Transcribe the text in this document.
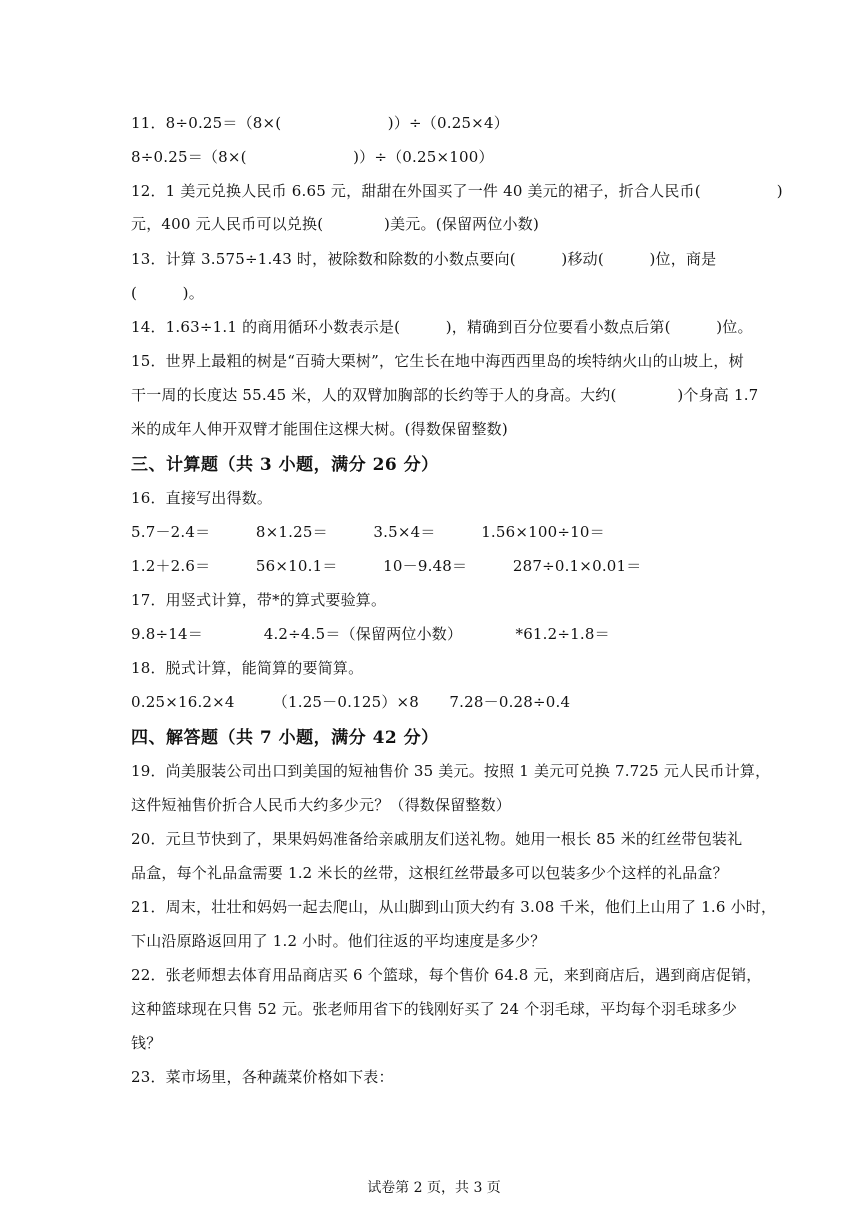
11．8÷0.25＝（8×(　　　　　　　)）÷（0.25×4）
8÷0.25＝（8×(　　　　　　　)）÷（0.25×100）
12．1 美元兑换人民币 6.65 元，甜甜在外国买了一件 40 美元的裙子，折合人民币(　　　　　)
元，400 元人民币可以兑换(　　　　)美元。(保留两位小数)
13．计算 3.575÷1.43 时，被除数和除数的小数点要向(　　　)移动(　　　)位，商是
(　　　)。
14．1.63÷1.1 的商用循环小数表示是(　　　)，精确到百分位要看小数点后第(　　　)位。
15．世界上最粗的树是“百骑大栗树”，它生长在地中海西西里岛的埃特纳火山的山坡上，树
干一周的长度达 55.45 米，人的双臂加胸部的长约等于人的身高。大约(　　　　)个身高 1.7
米的成年人伸开双臂才能围住这棵大树。(得数保留整数)
三、计算题（共 3 小题，满分 26 分）
16．直接写出得数。
5.7－2.4＝　　　8×1.25＝　　　3.5×4＝　　　1.56×100÷10＝
1.2＋2.6＝　　　56×10.1＝　　　10－9.48＝　　　287÷0.1×0.01＝
17．用竖式计算，带*的算式要验算。
9.8÷14＝　　　　4.2÷4.5＝（保留两位小数）　　　　*61.2÷1.8＝
18．脱式计算，能简算的要简算。
0.25×16.2×4　　　（1.25－0.125）×8　　7.28－0.28÷0.4
四、解答题（共 7 小题，满分 42 分）
19．尚美服装公司出口到美国的短袖售价 35 美元。按照 1 美元可兑换 7.725 元人民币计算，
这件短袖售价折合人民币大约多少元？（得数保留整数）
20．元旦节快到了，果果妈妈准备给亲戚朋友们送礼物。她用一根长 85 米的红丝带包装礼
品盒，每个礼品盒需要 1.2 米长的丝带，这根红丝带最多可以包装多少个这样的礼品盒？
21．周末，壮壮和妈妈一起去爬山，从山脚到山顶大约有 3.08 千米，他们上山用了 1.6 小时，
下山沿原路返回用了 1.2 小时。他们往返的平均速度是多少？
22．张老师想去体育用品商店买 6 个篮球，每个售价 64.8 元，来到商店后，遇到商店促销，
这种篮球现在只售 52 元。张老师用省下的钱刚好买了 24 个羽毛球，平均每个羽毛球多少
钱？
23．菜市场里，各种蔬菜价格如下表：
试卷第 2 页，共 3 页
